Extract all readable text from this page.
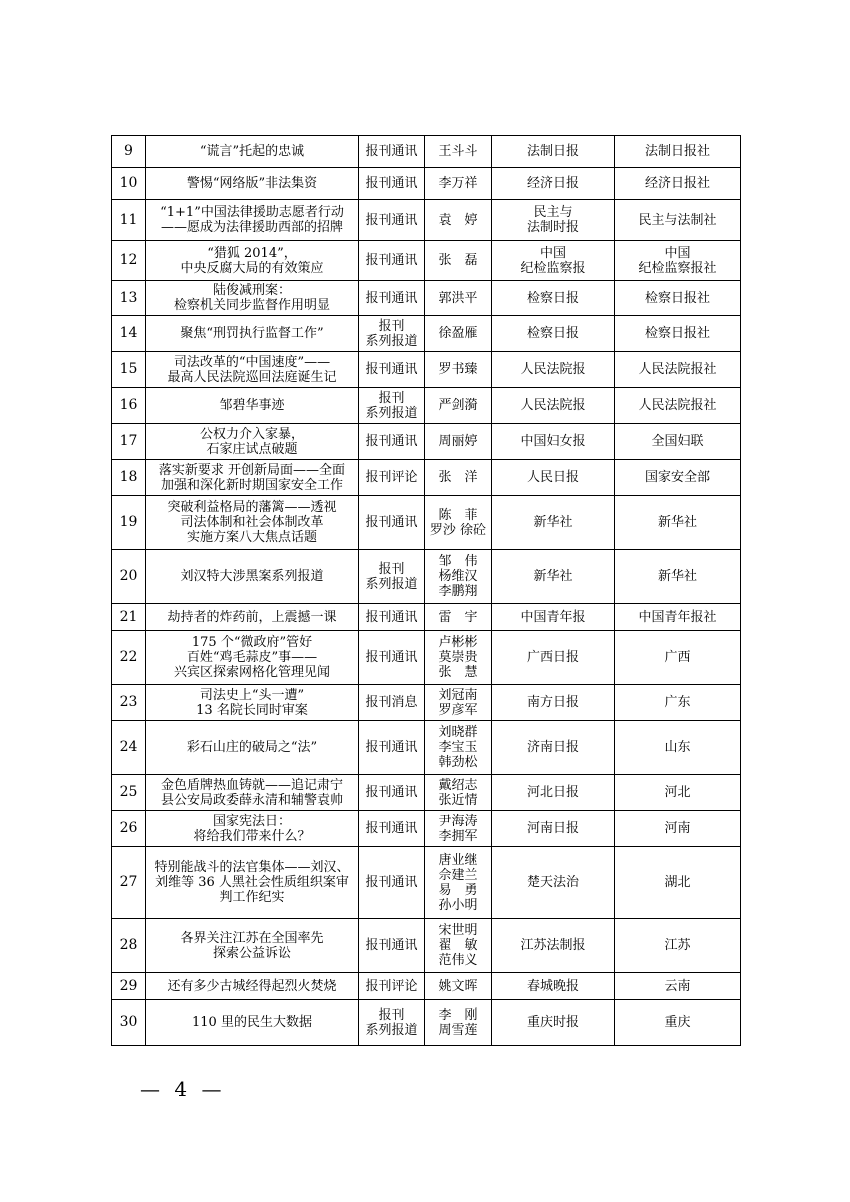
9	“谎言”托起的忠诚	报刊通讯	王斗斗	法制日报	法制日报社
10	警惕“网络版”非法集资	报刊通讯	李万祥	经济日报	经济日报社
11	“1+1”中国法律援助志愿者行动
——愿成为法律援助西部的招牌	报刊通讯	袁　婷	民主与
法制时报	民主与法制社
12	“猎狐 2014”，
中央反腐大局的有效策应	报刊通讯	张　磊	中国
纪检监察报	中国
纪检监察报社
13	陆俊减刑案：
检察机关同步监督作用明显	报刊通讯	郭洪平	检察日报	检察日报社
14	聚焦“刑罚执行监督工作”	报刊
系列报道	徐盈雁	检察日报	检察日报社
15	司法改革的“中国速度”——
最高人民法院巡回法庭诞生记	报刊通讯	罗书臻	人民法院报	人民法院报社
16	邹碧华事迹	报刊
系列报道	严剑漪	人民法院报	人民法院报社
17	公权力介入家暴，
石家庄试点破题	报刊通讯	周丽婷	中国妇女报	全国妇联
18	落实新要求 开创新局面——全面
加强和深化新时期国家安全工作	报刊评论	张　洋	人民日报	国家安全部
19	突破利益格局的藩篱——透视
司法体制和社会体制改革
实施方案八大焦点话题	报刊通讯	陈　菲
罗沙 徐砼	新华社	新华社
20	刘汉特大涉黑案系列报道	报刊
系列报道	邹　伟
杨维汉
李鹏翔	新华社	新华社
21	劫持者的炸药前，上震撼一课	报刊通讯	雷　宇	中国青年报	中国青年报社
22	175 个“微政府”管好
百姓“鸡毛蒜皮”事——
兴宾区探索网格化管理见闻	报刊通讯	卢彬彬
莫崇贵
张　慧	广西日报	广西
23	司法史上“头一遭”
13 名院长同时审案	报刊消息	刘冠南
罗彦军	南方日报	广东
24	彩石山庄的破局之“法”	报刊通讯	刘晓群
李宝玉
韩劲松	济南日报	山东
25	金色盾牌热血铸就——追记肃宁
县公安局政委薛永清和辅警袁帅	报刊通讯	戴绍志
张近情	河北日报	河北
26	国家宪法日：
将给我们带来什么？	报刊通讯	尹海涛
李拥军	河南日报	河南
27	特别能战斗的法官集体——刘汉、
刘维等 36 人黑社会性质组织案审
判工作纪实	报刊通讯	唐业继
佘建兰
易　勇
孙小明	楚天法治	湖北
28	各界关注江苏在全国率先
探索公益诉讼	报刊通讯	宋世明
翟　敏
范伟义	江苏法制报	江苏
29	还有多少古城经得起烈火焚烧	报刊评论	姚文晖	春城晚报	云南
30	110 里的民生大数据	报刊
系列报道	李　刚
周雪莲	重庆时报	重庆
— 4 —
